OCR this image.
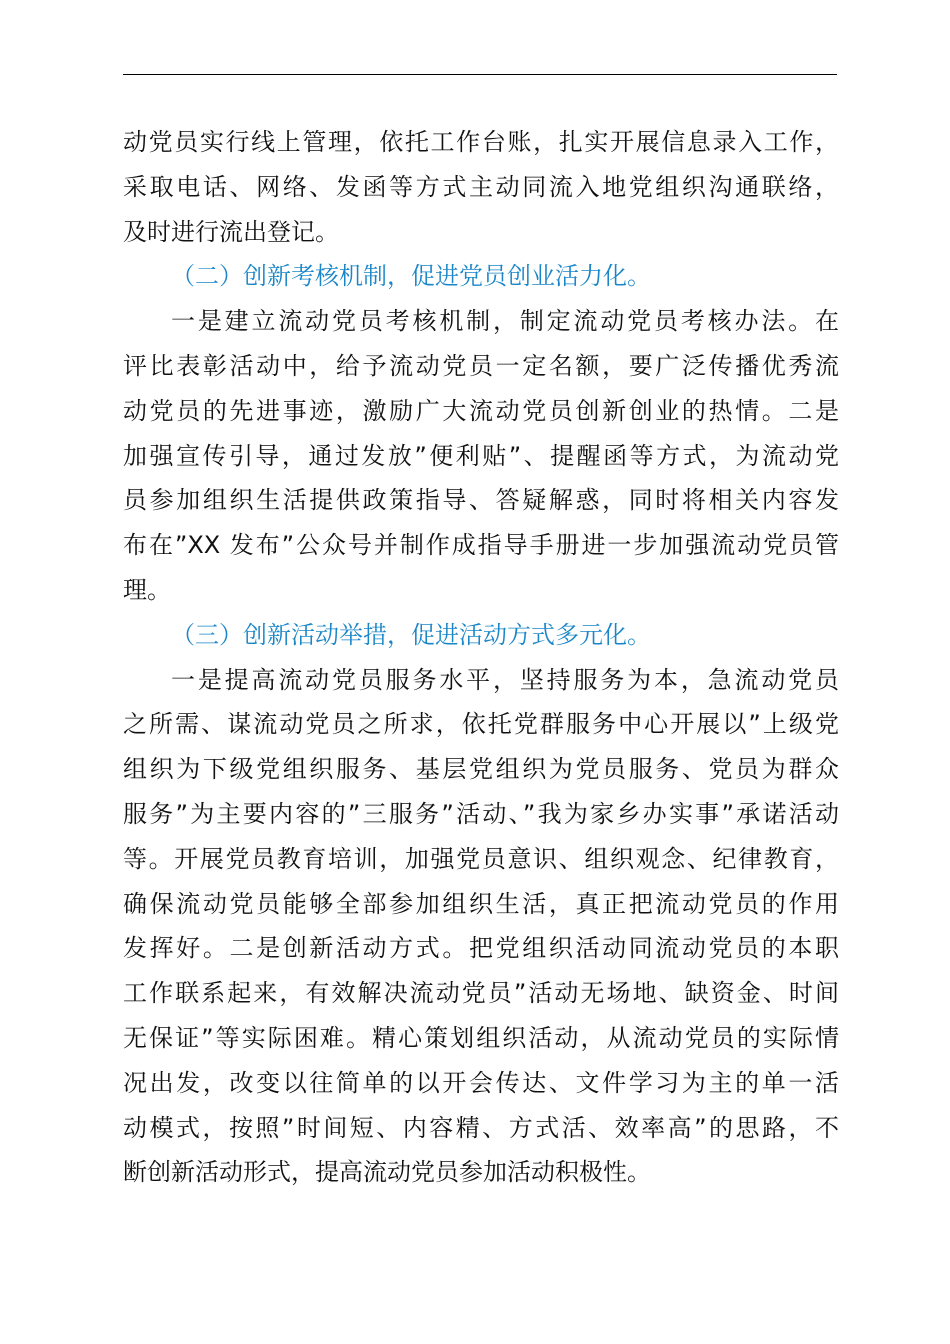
动党员实行线上管理，依托工作台账，扎实开展信息录入工作，
采取电话、网络、发函等方式主动同流入地党组织沟通联络，
及时进行流出登记。
（二）创新考核机制，促进党员创业活力化。
一是建立流动党员考核机制，制定流动党员考核办法。在
评比表彰活动中，给予流动党员一定名额，要广泛传播优秀流
动党员的先进事迹，激励广大流动党员创新创业的热情。二是
加强宣传引导，通过发放”便利贴”、提醒函等方式，为流动党
员参加组织生活提供政策指导、答疑解惑，同时将相关内容发
布在”XX 发布”公众号并制作成指导手册进一步加强流动党员管
理。
（三）创新活动举措，促进活动方式多元化。
一是提高流动党员服务水平，坚持服务为本，急流动党员
之所需、谋流动党员之所求，依托党群服务中心开展以”上级党
组织为下级党组织服务、基层党组织为党员服务、党员为群众
服务”为主要内容的”三服务”活动、”我为家乡办实事”承诺活动
等。开展党员教育培训，加强党员意识、组织观念、纪律教育，
确保流动党员能够全部参加组织生活，真正把流动党员的作用
发挥好。二是创新活动方式。把党组织活动同流动党员的本职
工作联系起来，有效解决流动党员”活动无场地、缺资金、时间
无保证”等实际困难。精心策划组织活动，从流动党员的实际情
况出发，改变以往简单的以开会传达、文件学习为主的单一活
动模式，按照”时间短、内容精、方式活、效率高”的思路，不
断创新活动形式，提高流动党员参加活动积极性。
